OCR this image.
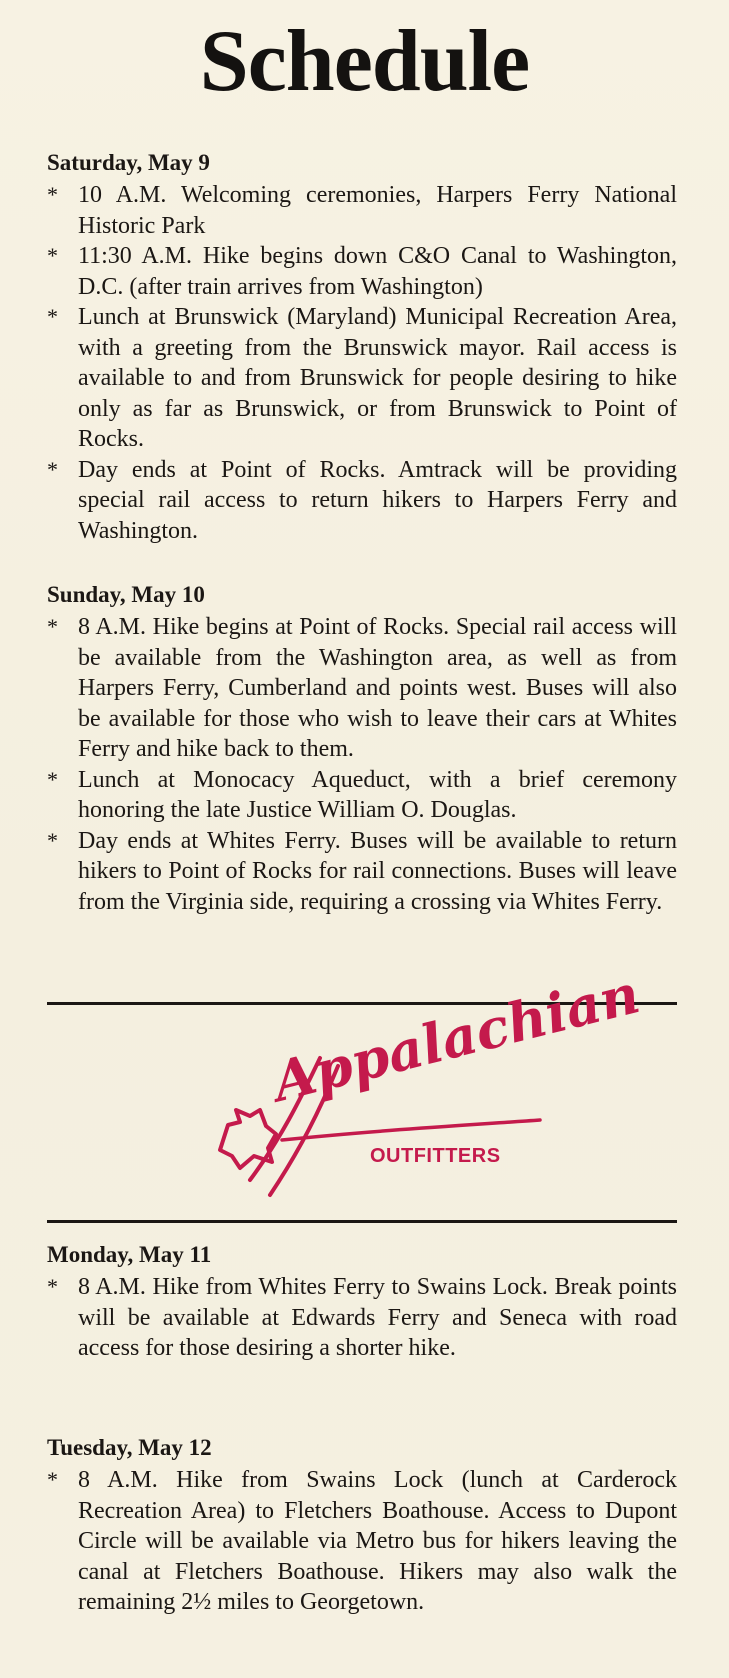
Schedule
Saturday, May 9
* 10 A.M. Welcoming ceremonies, Harpers Ferry National Historic Park
* 11:30 A.M. Hike begins down C&O Canal to Washington, D.C. (after train arrives from Washington)
* Lunch at Brunswick (Maryland) Municipal Recreation Area, with a greeting from the Brunswick mayor. Rail access is available to and from Brunswick for people desiring to hike only as far as Brunswick, or from Brunswick to Point of Rocks.
* Day ends at Point of Rocks. Amtrack will be providing special rail access to return hikers to Harpers Ferry and Washington.
Sunday, May 10
* 8 A.M. Hike begins at Point of Rocks. Special rail access will be available from the Washington area, as well as from Harpers Ferry, Cumberland and points west. Buses will also be available for those who wish to leave their cars at Whites Ferry and hike back to them.
* Lunch at Monocacy Aqueduct, with a brief ceremony honoring the late Justice William O. Douglas.
* Day ends at Whites Ferry. Buses will be available to return hikers to Point of Rocks for rail connections. Buses will leave from the Virginia side, requiring a crossing via Whites Ferry.
Appalachian
OUTFITTERS
Monday, May 11
* 8 A.M. Hike from Whites Ferry to Swains Lock. Break points will be available at Edwards Ferry and Seneca with road access for those desiring a shorter hike.
Tuesday, May 12
* 8 A.M. Hike from Swains Lock (lunch at Carderock Recreation Area) to Fletchers Boathouse. Access to Dupont Circle will be available via Metro bus for hikers leaving the canal at Fletchers Boathouse. Hikers may also walk the remaining 2½ miles to Georgetown.
